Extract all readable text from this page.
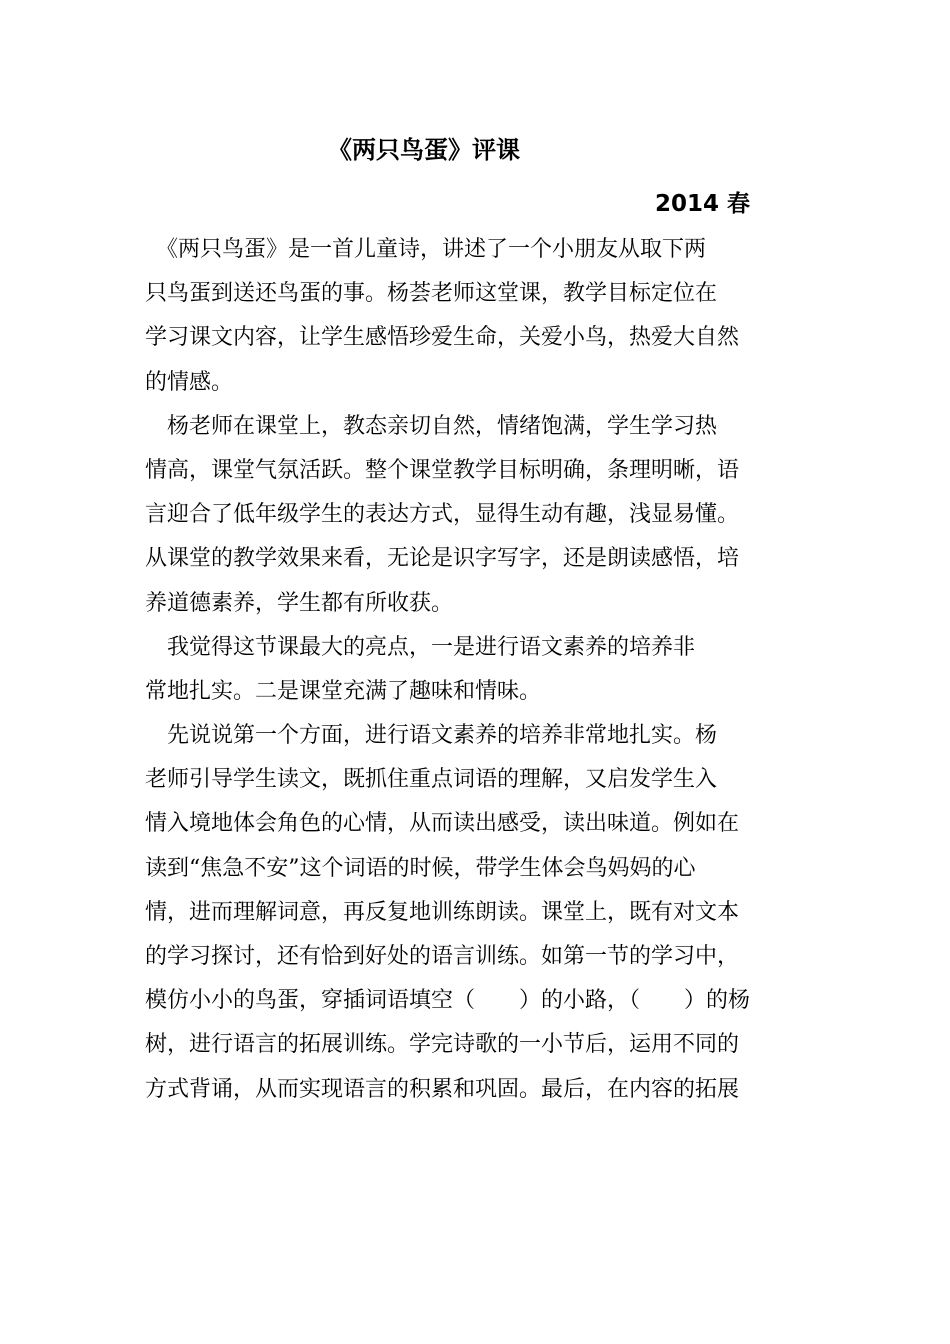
《两只鸟蛋》评课
2014 春
　《两只鸟蛋》是一首儿童诗，讲述了一个小朋友从取下两
只鸟蛋到送还鸟蛋的事。杨荟老师这堂课，教学目标定位在
学习课文内容，让学生感悟珍爱生命，关爱小鸟，热爱大自然
的情感。
　杨老师在课堂上，教态亲切自然，情绪饱满，学生学习热
情高，课堂气氛活跃。整个课堂教学目标明确，条理明晰，语
言迎合了低年级学生的表达方式，显得生动有趣，浅显易懂。
从课堂的教学效果来看，无论是识字写字，还是朗读感悟，培
养道德素养，学生都有所收获。
　我觉得这节课最大的亮点，一是进行语文素养的培养非
常地扎实。二是课堂充满了趣味和情味。
　先说说第一个方面，进行语文素养的培养非常地扎实。杨
老师引导学生读文，既抓住重点词语的理解，又启发学生入
情入境地体会角色的心情，从而读出感受，读出味道。例如在
读到“焦急不安”这个词语的时候，带学生体会鸟妈妈的心
情，进而理解词意，再反复地训练朗读。课堂上，既有对文本
的学习探讨，还有恰到好处的语言训练。如第一节的学习中，
模仿小小的鸟蛋，穿插词语填空（　　）的小路，（　　）的杨
树，进行语言的拓展训练。学完诗歌的一小节后，运用不同的
方式背诵，从而实现语言的积累和巩固。最后，在内容的拓展
